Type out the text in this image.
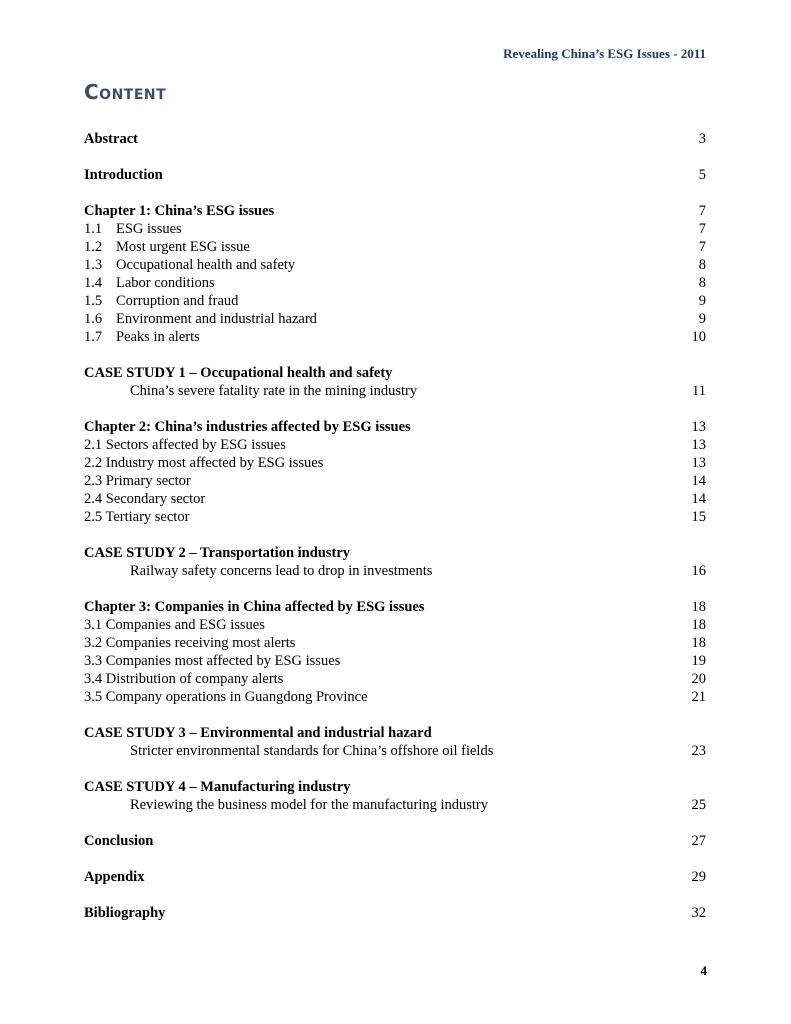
Revealing China’s ESG Issues - 2011
Content
Abstract	3
Introduction	5
Chapter 1: China’s ESG issues	7
1.1 ESG issues	7
1.2 Most urgent ESG issue	7
1.3 Occupational health and safety	8
1.4 Labor conditions	8
1.5 Corruption and fraud	9
1.6 Environment and industrial hazard	9
1.7 Peaks in alerts	10
CASE STUDY 1 – Occupational health and safety
China’s severe fatality rate in the mining industry	11
Chapter 2: China’s industries affected by ESG issues	13
2.1 Sectors affected by ESG issues	13
2.2 Industry most affected by ESG issues	13
2.3 Primary sector	14
2.4 Secondary sector	14
2.5 Tertiary sector	15
CASE STUDY 2 – Transportation industry
Railway safety concerns lead to drop in investments	16
Chapter 3: Companies in China affected by ESG issues	18
3.1 Companies and ESG issues	18
3.2 Companies receiving most alerts	18
3.3 Companies most affected by ESG issues	19
3.4 Distribution of company alerts	20
3.5 Company operations in Guangdong Province	21
CASE STUDY 3 – Environmental and industrial hazard
Stricter environmental standards for China’s offshore oil fields	23
CASE STUDY 4 – Manufacturing industry
Reviewing the business model for the manufacturing industry	25
Conclusion	27
Appendix	29
Bibliography	32
4
